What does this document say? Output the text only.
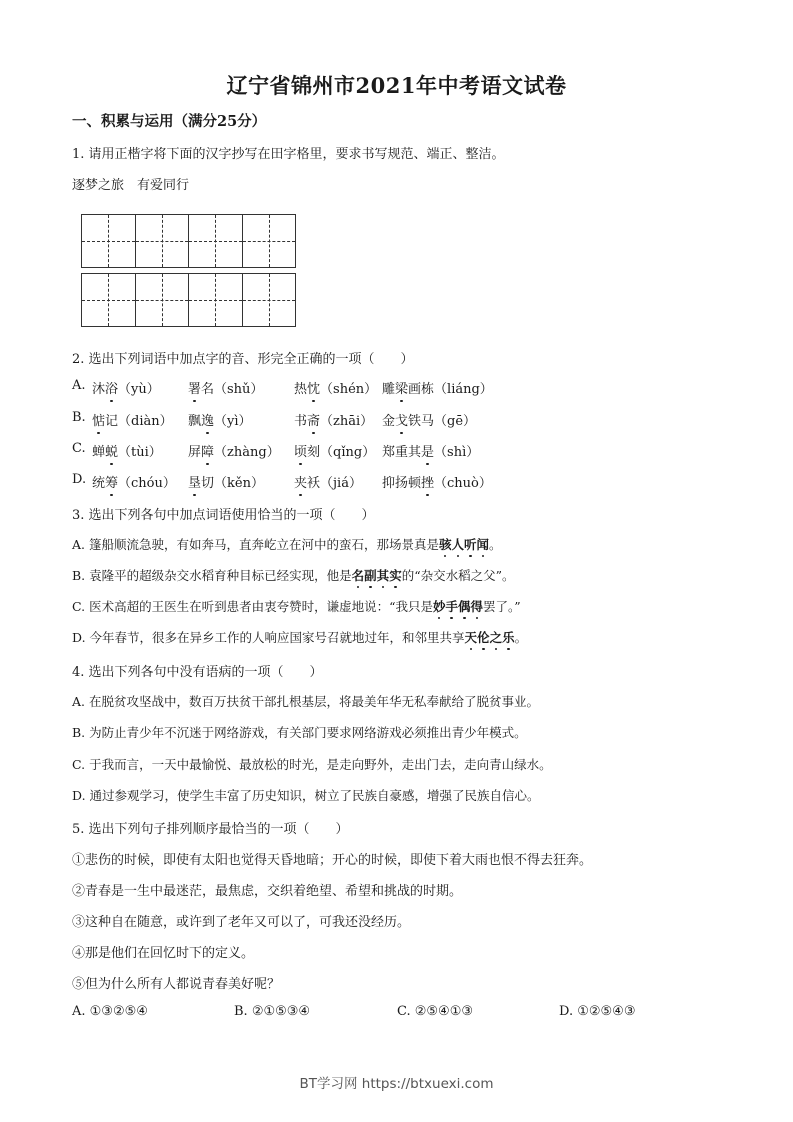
辽宁省锦州市2021年中考语文试卷
一、积累与运用（满分25分）
1. 请用正楷字将下面的汉字抄写在田字格里，要求书写规范、端正、整洁。
逐梦之旅　有爱同行
2. 选出下列词语中加点字的音、形完全正确的一项（　　）
A. 沐浴（yù） 署名（shǔ） 热忱（shén） 雕梁画栋（liáng）
B. 惦记（diàn） 飘逸（yì）	书斋（zhāi） 金戈铁马（gē）
C. 蝉蜕（tùi） 屏障（zhàng） 顷刻（qǐng） 郑重其是（shì）
D. 统筹（chóu） 垦切（kěn） 夹袄（jiá） 抑扬顿挫（chuò）
3. 选出下列各句中加点词语使用恰当的一项（　　）
A. 篷船顺流急驶，有如奔马，直奔屹立在河中的蛮石，那场景真是骇人听闻。
B. 袁隆平的超级杂交水稻育种目标已经实现，他是名副其实的“杂交水稻之父”。
C. 医术高超的王医生在听到患者由衷夸赞时，谦虚地说：“我只是妙手偶得罢了。”
D. 今年春节，很多在异乡工作的人响应国家号召就地过年，和邻里共享天伦之乐。
4. 选出下列各句中没有语病的一项（　　）
A. 在脱贫攻坚战中，数百万扶贫干部扎根基层，将最美年华无私奉献给了脱贫事业。
B. 为防止青少年不沉迷于网络游戏，有关部门要求网络游戏必须推出青少年模式。
C. 于我而言，一天中最愉悦、最放松的时光，是走向野外，走出门去，走向青山绿水。
D. 通过参观学习，使学生丰富了历史知识，树立了民族自豪感，增强了民族自信心。
5. 选出下列句子排列顺序最恰当的一项（　　）
①悲伤的时候，即使有太阳也觉得天昏地暗；开心的时候，即使下着大雨也恨不得去狂奔。
②青春是一生中最迷茫，最焦虑，交织着绝望、希望和挑战的时期。
③这种自在随意，或许到了老年又可以了，可我还没经历。
④那是他们在回忆时下的定义。
⑤但为什么所有人都说青春美好呢？
A. ①③②⑤④	B. ②①⑤③④	C. ②⑤④①③	D. ①②⑤④③
BT学习网 https://btxuexi.com
